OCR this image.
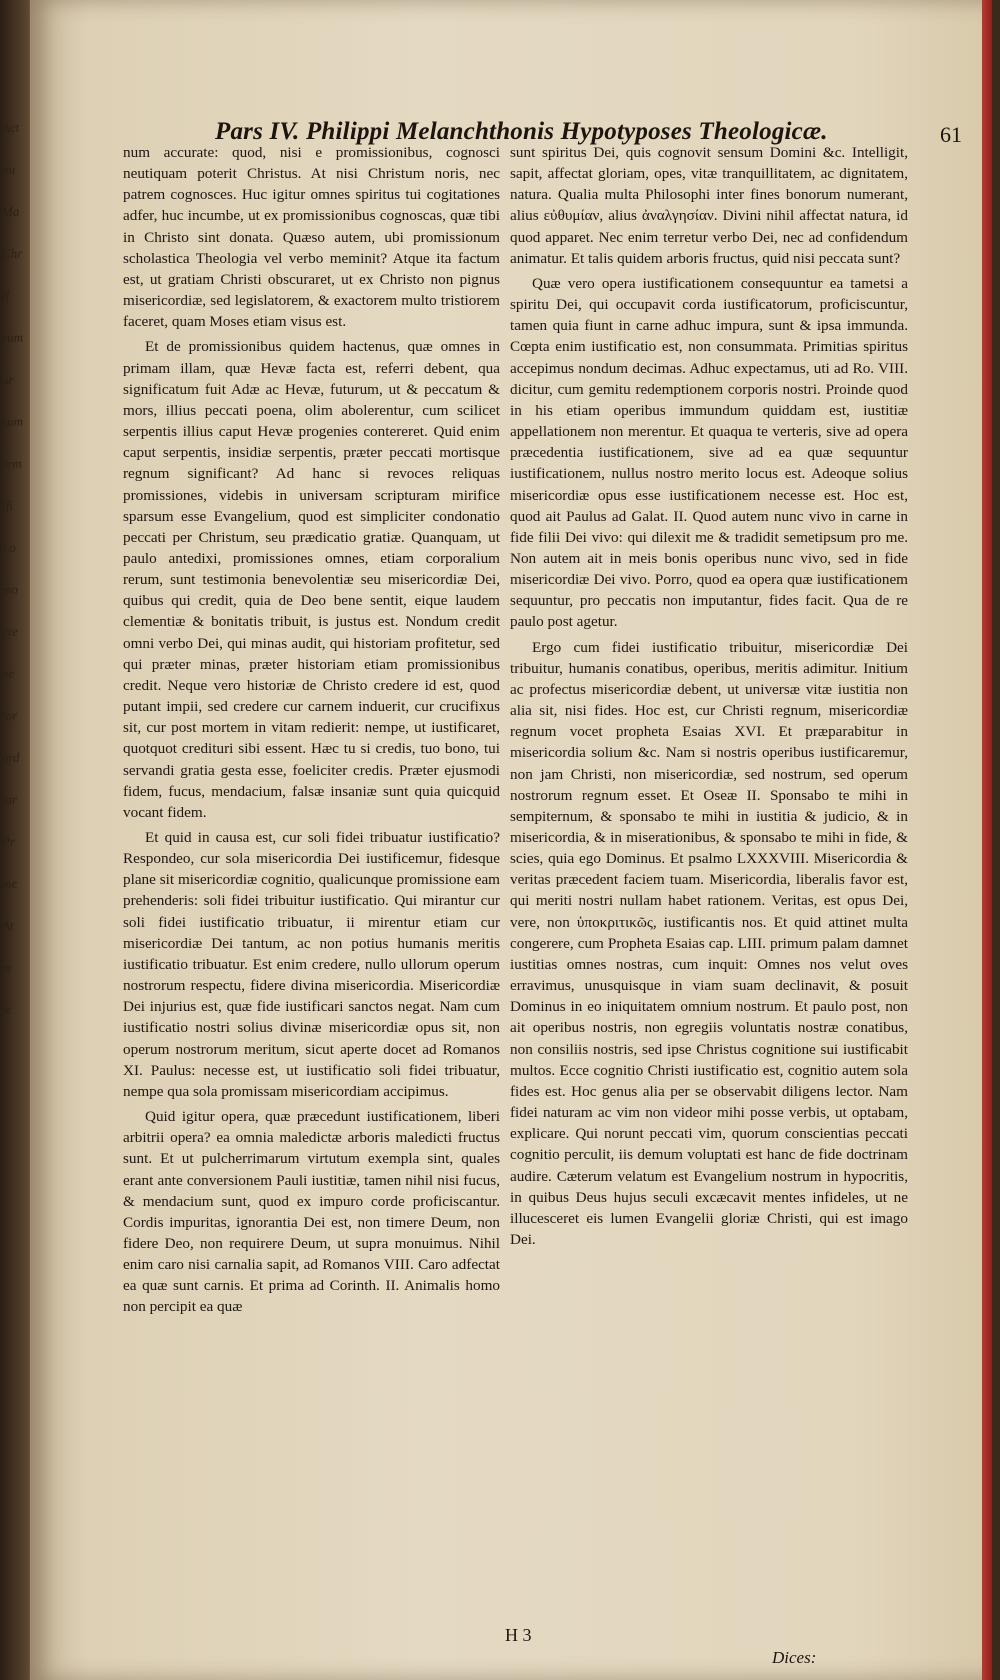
Act
nu
Ma
Chr
if
rum
ur
sum
rem
ifi
Lo
mo
cre
ne
for
ord
tar
Pr
me
At
re
fe
Pars IV. Philippi Melanchthonis Hypotyposes Theologicæ.	61

num accurate: quod, nisi e promissionibus, cognosci neutiquam poterit Christus. At nisi Christum noris, nec patrem cognosces. Huc igitur omnes spiritus tui cogitationes adfer, huc incumbe, ut ex promissionibus cognoscas, quæ tibi in Christo sint donata. Quæso autem, ubi promissionum scholastica Theologia vel verbo meminit? Atque ita factum est, ut gratiam Christi obscuraret, ut ex Christo non pignus misericordiæ, sed legislatorem, & exactorem multo tristiorem faceret, quam Moses etiam visus est.

Et de promissionibus quidem hactenus, quæ omnes in primam illam, quæ Hevæ facta est, referri debent, qua significatum fuit Adæ ac Hevæ, futurum, ut & peccatum & mors, illius peccati poena, olim abolerentur, cum scilicet serpentis illius caput Hevæ progenies contereret. Quid enim caput serpentis, insidiæ serpentis, præter peccati mortisque regnum significant? Ad hanc si revoces reliquas promissiones, videbis in universam scripturam mirifice sparsum esse Evangelium, quod est simpliciter condonatio peccati per Christum, seu prædicatio gratiæ. Quanquam, ut paulo antedixi, promissiones omnes, etiam corporalium rerum, sunt testimonia benevolentiæ seu misericordiæ Dei, quibus qui credit, quia de Deo bene sentit, eique laudem clementiæ & bonitatis tribuit, is justus est. Nondum credit omni verbo Dei, qui minas audit, qui historiam profitetur, sed qui præter minas, præter historiam etiam promissionibus credit. Neque vero historiæ de Christo credere id est, quod putant impii, sed credere cur carnem induerit, cur crucifixus sit, cur post mortem in vitam redierit: nempe, ut iustificaret, quotquot credituri sibi essent. Hæc tu si credis, tuo bono, tui servandi gratia gesta esse, foeliciter credis. Præter ejusmodi fidem, fucus, mendacium, falsæ insaniæ sunt quia quicquid vocant fidem.

Et quid in causa est, cur soli fidei tribuatur iustificatio? Respondeo, cur sola misericordia Dei iustificemur, fidesque plane sit misericordiæ cognitio, qualicunque promissione eam prehenderis: soli fidei tribuitur iustificatio. Qui mirantur cur soli fidei iustificatio tribuatur, ii mirentur etiam cur misericordiæ Dei tantum, ac non potius humanis meritis iustificatio tribuatur. Est enim credere, nullo ullorum operum nostrorum respectu, fidere divina misericordia. Misericordiæ Dei injurius est, quæ fide iustificari sanctos negat. Nam cum iustificatio nostri solius divinæ misericordiæ opus sit, non operum nostrorum meritum, sicut aperte docet ad Romanos XI. Paulus: necesse est, ut iustificatio soli fidei tribuatur, nempe qua sola promissam misericordiam accipimus.

Quid igitur opera, quæ præcedunt iustificationem, liberi arbitrii opera? ea omnia maledictæ arboris maledicti fructus sunt. Et ut pulcherrimarum virtutum exempla sint, quales erant ante conversionem Pauli iustitiæ, tamen nihil nisi fucus, & mendacium sunt, quod ex impuro corde proficiscantur. Cordis impuritas, ignorantia Dei est, non timere Deum, non fidere Deo, non requirere Deum, ut supra monuimus. Nihil enim caro nisi carnalia sapit, ad Romanos VIII. Caro adfectat ea quæ sunt carnis. Et prima ad Corinth. II. Animalis homo non percipit ea quæ

sunt spiritus Dei, quis cognovit sensum Domini &c. Intelligit, sapit, affectat gloriam, opes, vitæ tranquillitatem, ac dignitatem, natura. Qualia multa Philosophi inter fines bonorum numerant, alius εὐθυμίαν, alius ἀναλγησίαν. Divini nihil affectat natura, id quod apparet. Nec enim terretur verbo Dei, nec ad confidendum animatur. Et talis quidem arboris fructus, quid nisi peccata sunt?

Quæ vero opera iustificationem consequuntur ea tametsi a spiritu Dei, qui occupavit corda iustificatorum, proficiscuntur, tamen quia fiunt in carne adhuc impura, sunt & ipsa immunda. Cœpta enim iustificatio est, non consummata. Primitias spiritus accepimus nondum decimas. Adhuc expectamus, uti ad Ro. VIII. dicitur, cum gemitu redemptionem corporis nostri. Proinde quod in his etiam operibus immundum quiddam est, iustitiæ appellationem non merentur. Et quaqua te verteris, sive ad opera præcedentia iustificationem, sive ad ea quæ sequuntur iustificationem, nullus nostro merito locus est. Adeoque solius misericordiæ opus esse iustificationem necesse est. Hoc est, quod ait Paulus ad Galat. II. Quod autem nunc vivo in carne in fide filii Dei vivo: qui dilexit me & tradidit semetipsum pro me. Non autem ait in meis bonis operibus nunc vivo, sed in fide misericordiæ Dei vivo. Porro, quod ea opera quæ iustificationem sequuntur, pro peccatis non imputantur, fides facit. Qua de re paulo post agetur.

Ergo cum fidei iustificatio tribuitur, misericordiæ Dei tribuitur, humanis conatibus, operibus, meritis adimitur. Initium ac profectus misericordiæ debent, ut universæ vitæ iustitia non alia sit, nisi fides. Hoc est, cur Christi regnum, misericordiæ regnum vocet propheta Esaias XVI. Et præparabitur in misericordia solium &c. Nam si nostris operibus iustificaremur, non jam Christi, non misericordiæ, sed nostrum, sed operum nostrorum regnum esset. Et Oseæ II. Sponsabo te mihi in sempiternum, & sponsabo te mihi in iustitia & judicio, & in misericordia, & in miserationibus, & sponsabo te mihi in fide, & scies, quia ego Dominus. Et psalmo LXXXVIII. Misericordia & veritas præcedent faciem tuam. Misericordia, liberalis favor est, qui meriti nostri nullam habet rationem. Veritas, est opus Dei, vere, non ὑποκριτικῶς, iustificantis nos. Et quid attinet multa congerere, cum Propheta Esaias cap. LIII. primum palam damnet iustitias omnes nostras, cum inquit: Omnes nos velut oves erravimus, unusquisque in viam suam declinavit, & posuit Dominus in eo iniquitatem omnium nostrum. Et paulo post, non ait operibus nostris, non egregiis voluntatis nostræ conatibus, non consiliis nostris, sed ipse Christus cognitione sui iustificabit multos. Ecce cognitio Christi iustificatio est, cognitio autem sola fides est. Hoc genus alia per se observabit diligens lector. Nam fidei naturam ac vim non videor mihi posse verbis, ut optabam, explicare. Qui norunt peccati vim, quorum conscientias peccati cognitio perculit, iis demum voluptati est hanc de fide doctrinam audire. Cæterum velatum est Evangelium nostrum in hypocritis, in quibus Deus hujus seculi excæcavit mentes infideles, ut ne illucesceret eis lumen Evangelii gloriæ Christi, qui est imago Dei.

H 3
Dices:
